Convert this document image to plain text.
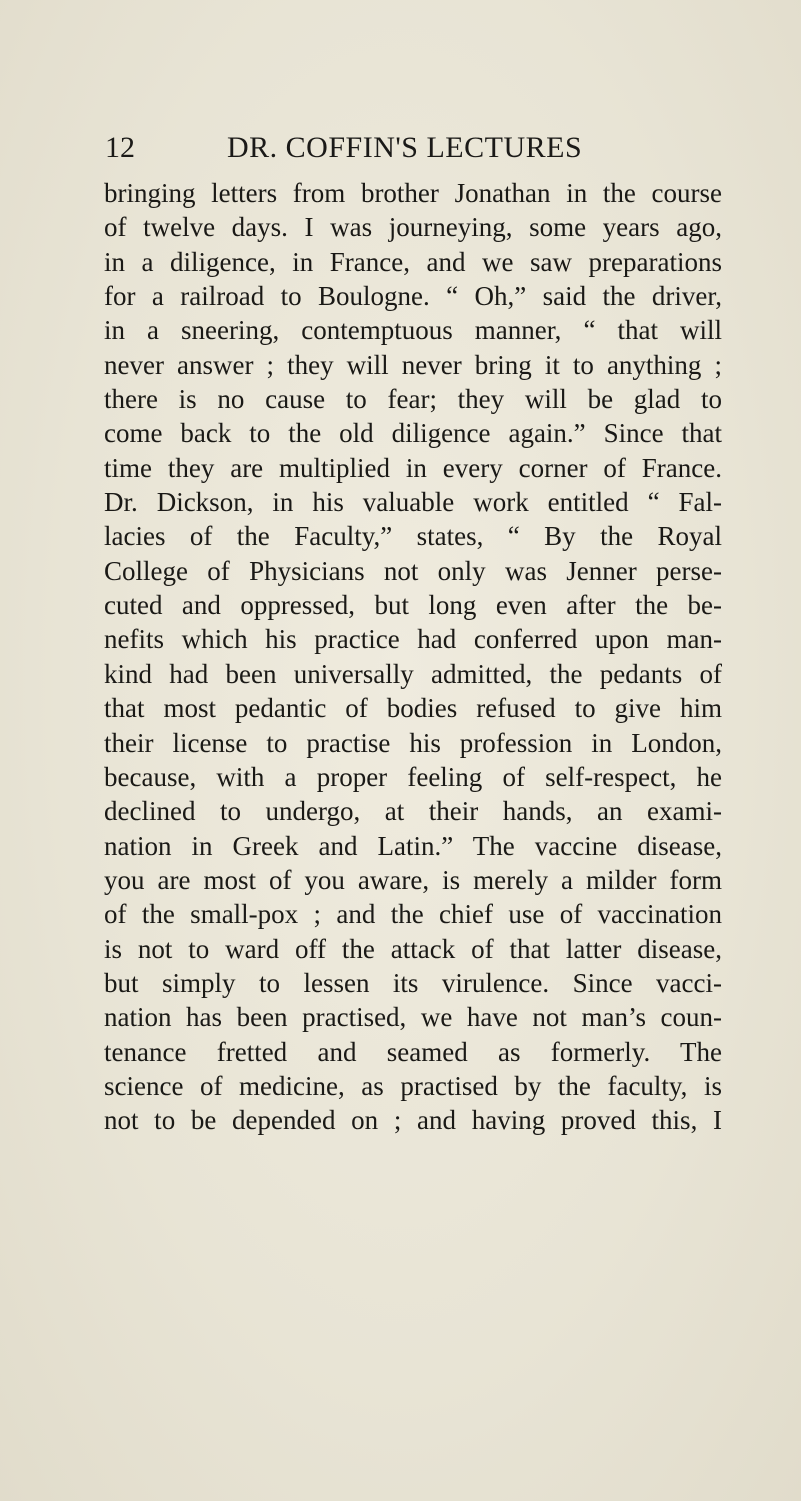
12	DR. COFFIN'S LECTURES
bringing letters from brother Jonathan in the course
of twelve days. I was journeying, some years ago,
in a diligence, in France, and we saw preparations
for a railroad to Boulogne. “ Oh,” said the driver,
in a sneering, contemptuous manner, “ that will
never answer ; they will never bring it to anything ;
there is no cause to fear; they will be glad to
come back to the old diligence again.” Since that
time they are multiplied in every corner of France.
Dr. Dickson, in his valuable work entitled “ Fal-
lacies of the Faculty,” states, “ By the Royal
College of Physicians not only was Jenner perse-
cuted and oppressed, but long even after the be-
nefits which his practice had conferred upon man-
kind had been universally admitted, the pedants of
that most pedantic of bodies refused to give him
their license to practise his profession in London,
because, with a proper feeling of self-respect, he
declined to undergo, at their hands, an exami-
nation in Greek and Latin.” The vaccine disease,
you are most of you aware, is merely a milder form
of the small-pox ; and the chief use of vaccination
is not to ward off the attack of that latter disease,
but simply to lessen its virulence. Since vacci-
nation has been practised, we have not man’s coun-
tenance fretted and seamed as formerly. The
science of medicine, as practised by the faculty, is
not to be depended on ; and having proved this, I
